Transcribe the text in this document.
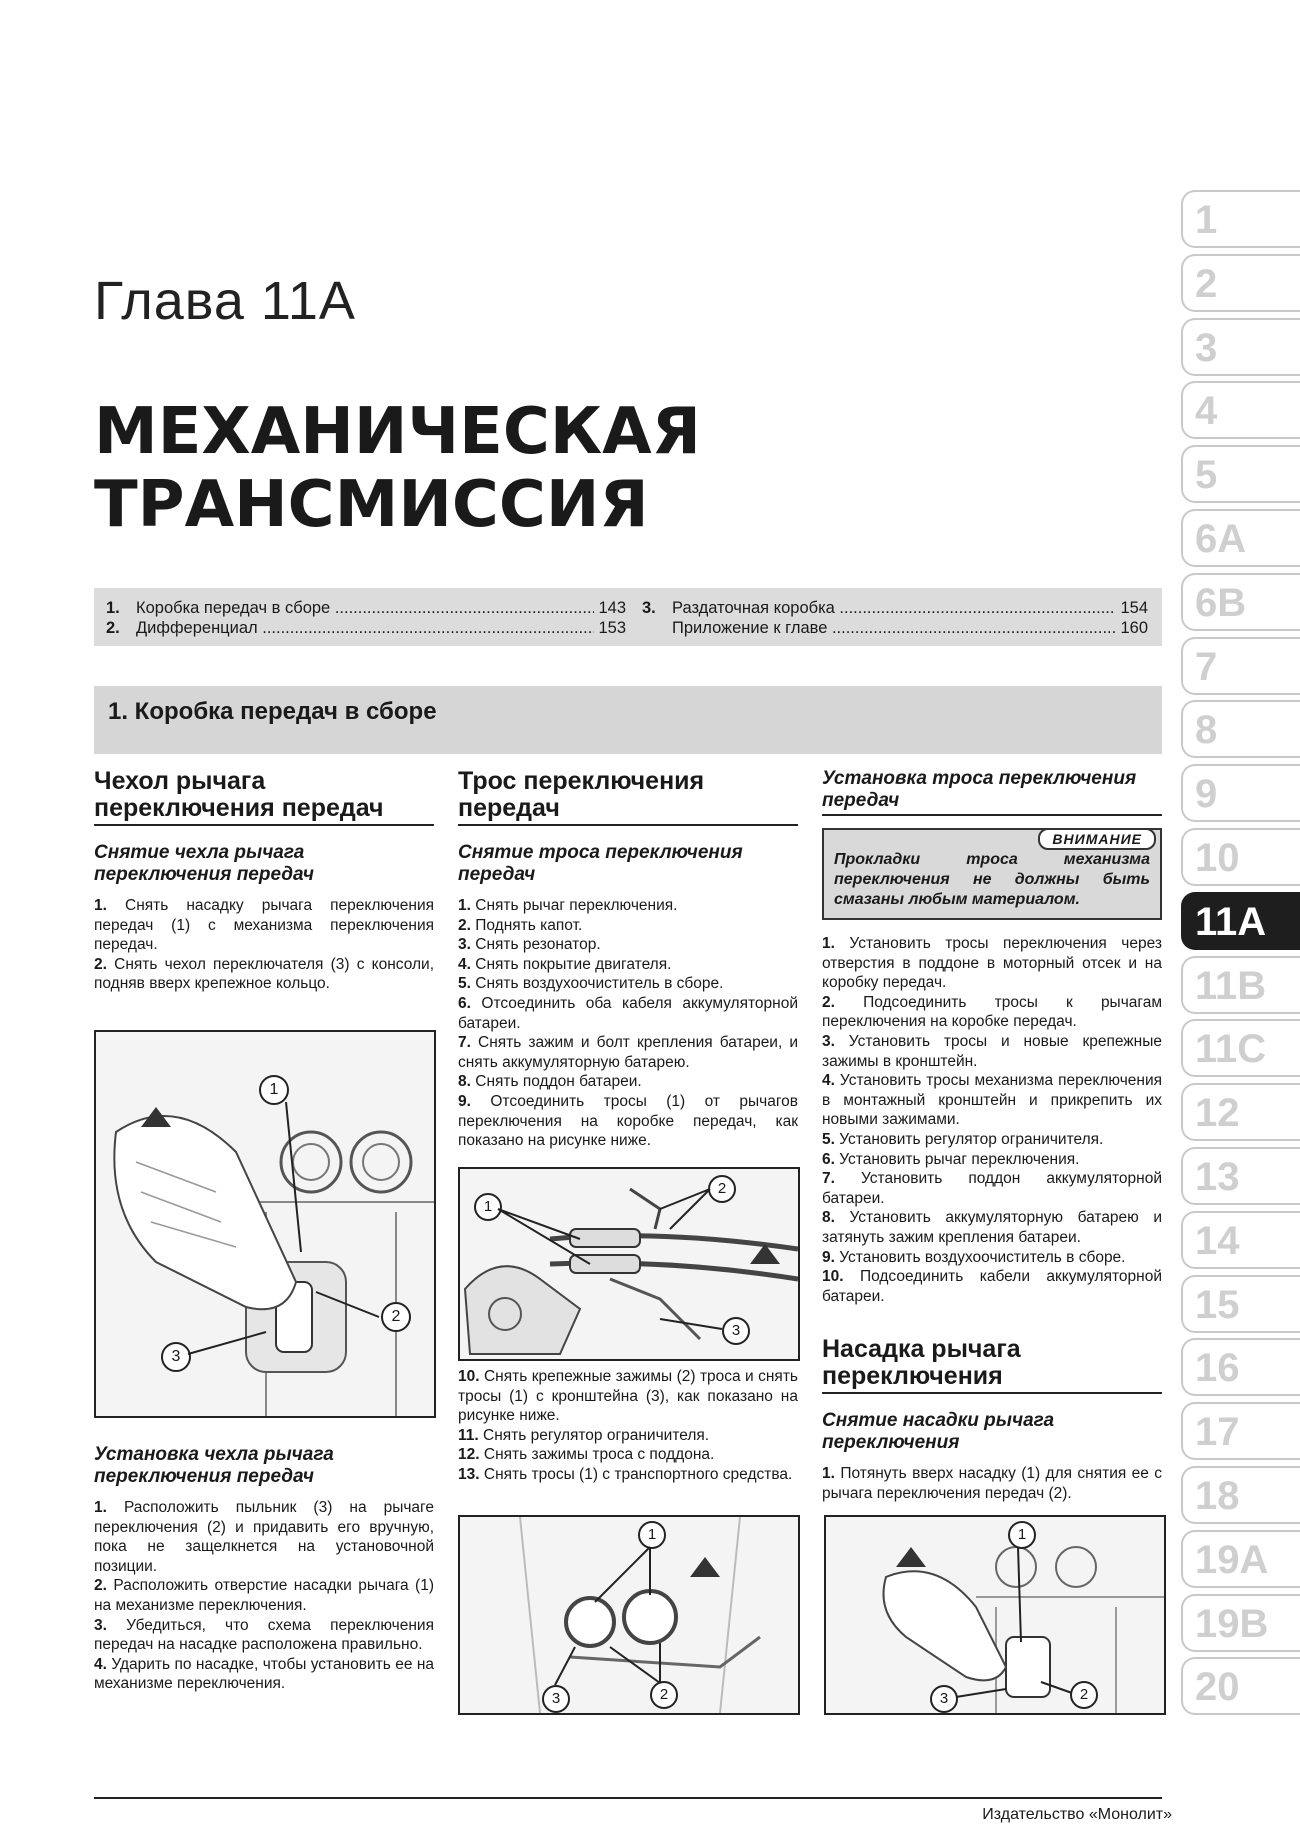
Глава 11А
МЕХАНИЧЕСКАЯ
ТРАНСМИССИЯ
1. Коробка передач в сборе .....	143
2. Дифференциал .....	153
3. Раздаточная коробка .....	154
Приложение к главе .....	160
1. Коробка передач в сборе
Чехол рычага переключения передач
Снятие чехла рычага переключения передач

1. Снять насадку рычага переключения передач (1) с механизма переключения передач.

2. Снять чехол переключателя (3) с консоли, подняв вверх крепежное кольцо.

1
2
3
Установка чехла рычага переключения передач

1. Расположить пыльник (3) на рычаге переключения (2) и придавить его вручную, пока не защелкнется на установочной позиции.

2. Расположить отверстие насадки рычага (1) на механизме переключения.

3. Убедиться, что схема переключения передач на насадке расположена правильно.

4. Ударить по насадке, чтобы установить ее на механизме переключения.

Трос переключения передач
Снятие троса переключения передач

1. Снять рычаг переключения.

2. Поднять капот.

3. Снять резонатор.

4. Снять покрытие двигателя.

5. Снять воздухоочиститель в сборе.

6. Отсоединить оба кабеля аккумуляторной батареи.

7. Снять зажим и болт крепления батареи, и снять аккумуляторную батарею.

8. Снять поддон батареи.

9. Отсоединить тросы (1) от рычагов переключения на коробке передач, как показано на рисунке ниже.

1
2
3

10. Снять крепежные зажимы (2) троса и снять тросы (1) с кронштейна (3), как показано на рисунке ниже.

11. Снять регулятор ограничителя.

12. Снять зажимы троса с поддона.

13. Снять тросы (1) с транспортного средства.

1
2
3
Установка троса переключения передач
ВНИМАНИЕ
Прокладки троса механизма переключения не должны быть смазаны любым материалом.

1. Установить тросы переключения через отверстия в поддоне в моторный отсек и на коробку передач.

2. Подсоединить тросы к рычагам переключения на коробке передач.

3. Установить тросы и новые крепежные зажимы в кронштейн.

4. Установить тросы механизма переключения в монтажный кронштейн и прикрепить их новыми зажимами.

5. Установить регулятор ограничителя.

6. Установить рычаг переключения.

7. Установить поддон аккумуляторной батареи.

8. Установить аккумуляторную батарею и затянуть зажим крепления батареи.

9. Установить воздухоочиститель в сборе.

10. Подсоединить кабели аккумуляторной батареи.

Насадка рычага переключения
Снятие насадки рычага переключения

1. Потянуть вверх насадку (1) для снятия ее с рычага переключения передач (2).

1
2
3
1
2
3
4
5
6A
6B
7
8
9
10
11A
11B
11C
12
13
14
15
16
17
18
19A
19B
20
Издательство «Монолит»
